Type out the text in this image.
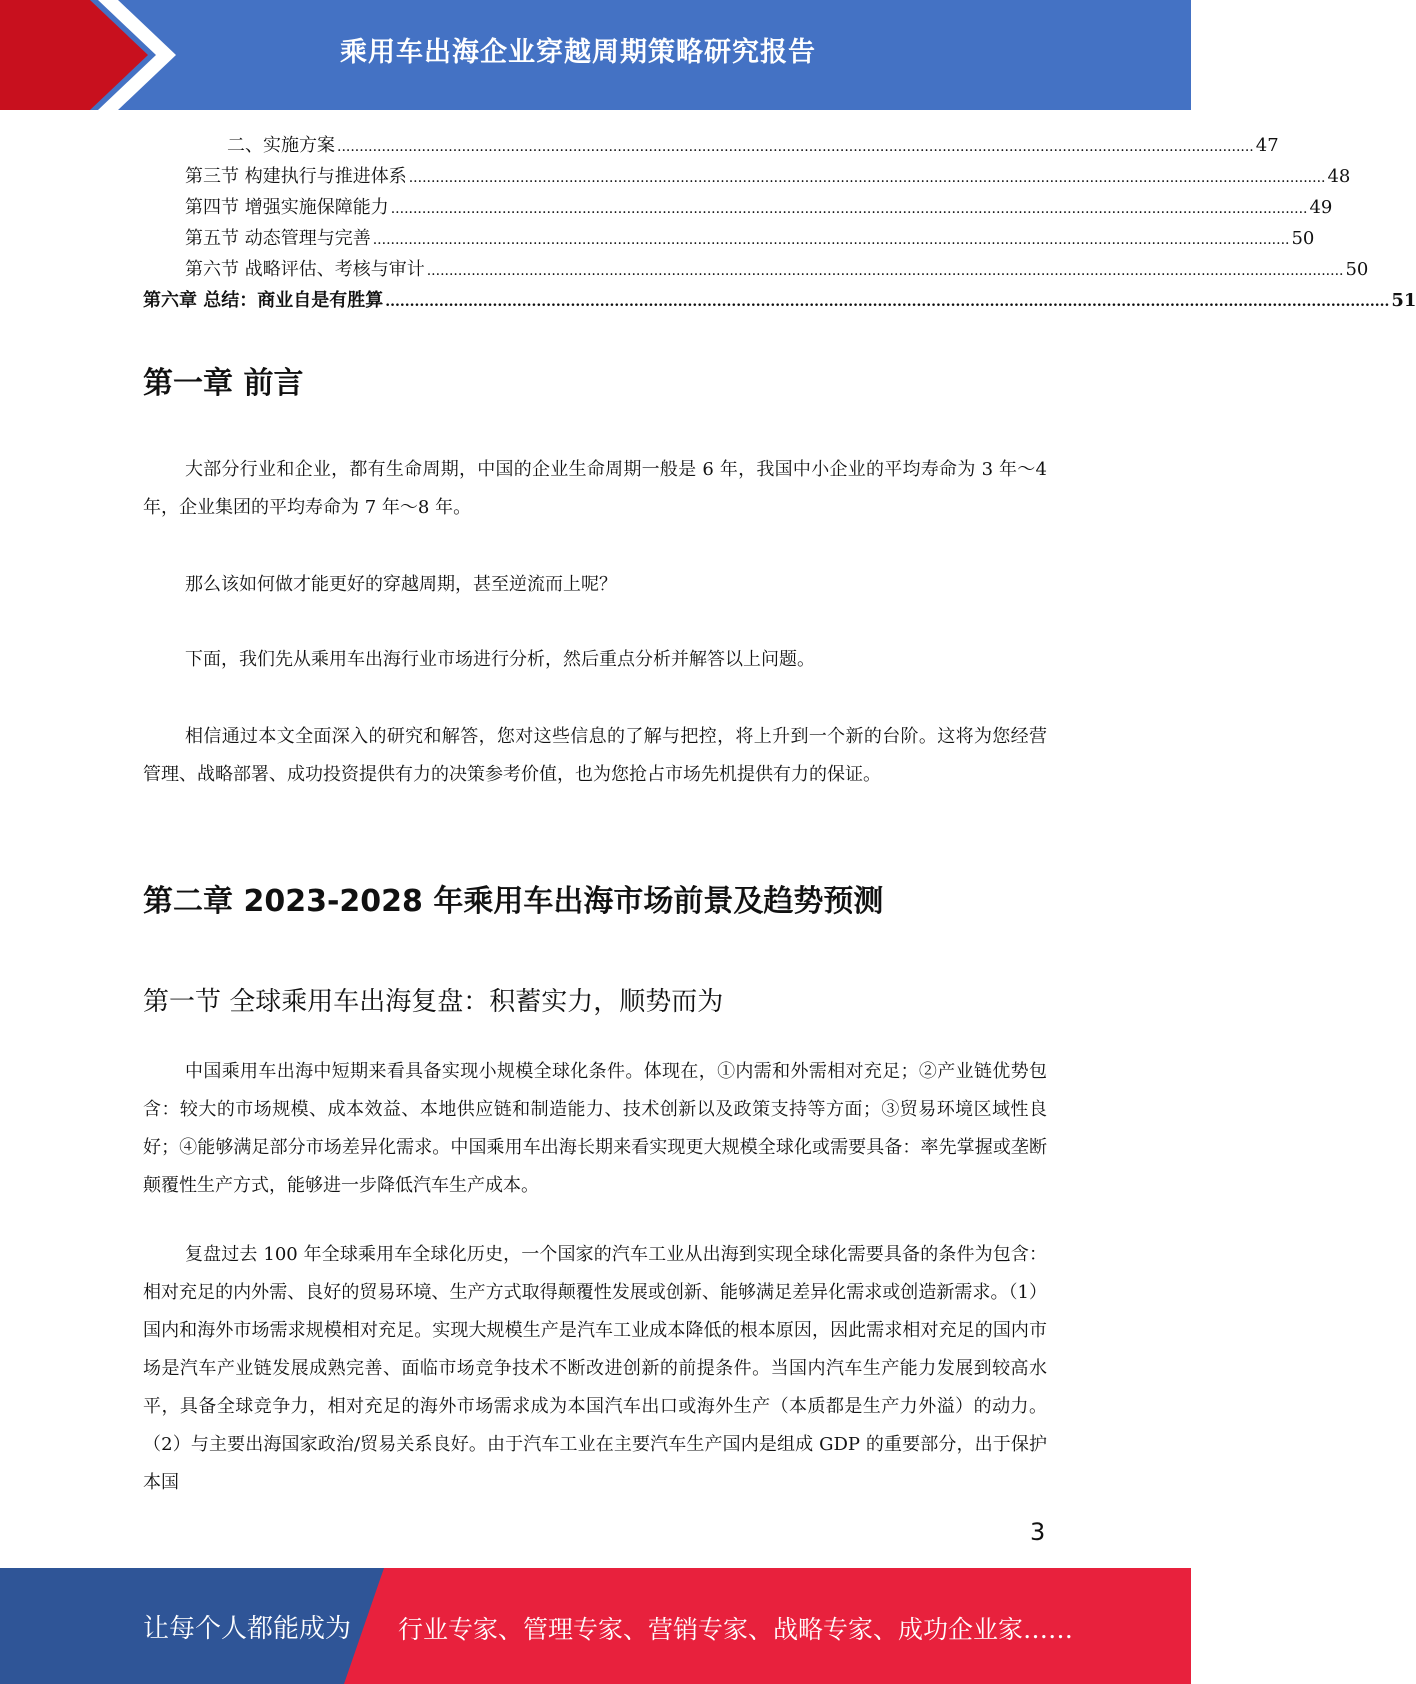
乘用车出海企业穿越周期策略研究报告
二、实施方案 .............................................................................................................................................................................................................. 47
第三节 构建执行与推进体系 .............................................................................................................................................................................................................. 48
第四节 增强实施保障能力 .............................................................................................................................................................................................................. 49
第五节 动态管理与完善 .............................................................................................................................................................................................................. 50
第六节 战略评估、考核与审计 .............................................................................................................................................................................................................. 50
第六章 总结：商业自是有胜算 .............................................................................................................................................................................................................. 51
第一章 前言

大部分行业和企业，都有生命周期，中国的企业生命周期一般是 6 年，我国中小企业的平均寿命为 3 年～4 年，企业集团的平均寿命为 7 年～8 年。

那么该如何做才能更好的穿越周期，甚至逆流而上呢？

下面，我们先从乘用车出海行业市场进行分析，然后重点分析并解答以上问题。

相信通过本文全面深入的研究和解答，您对这些信息的了解与把控，将上升到一个新的台阶。这将为您经营管理、战略部署、成功投资提供有力的决策参考价值，也为您抢占市场先机提供有力的保证。

第二章 2023-2028 年乘用车出海市场前景及趋势预测
第一节 全球乘用车出海复盘：积蓄实力，顺势而为

中国乘用车出海中短期来看具备实现小规模全球化条件。体现在，①内需和外需相对充足；②产业链优势包含：较大的市场规模、成本效益、本地供应链和制造能力、技术创新以及政策支持等方面；③贸易环境区域性良好；④能够满足部分市场差异化需求。中国乘用车出海长期来看实现更大规模全球化或需要具备：率先掌握或垄断颠覆性生产方式，能够进一步降低汽车生产成本。

复盘过去 100 年全球乘用车全球化历史，一个国家的汽车工业从出海到实现全球化需要具备的条件为包含：相对充足的内外需、良好的贸易环境、生产方式取得颠覆性发展或创新、能够满足差异化需求或创造新需求。（1）国内和海外市场需求规模相对充足。实现大规模生产是汽车工业成本降低的根本原因，因此需求相对充足的国内市场是汽车产业链发展成熟完善、面临市场竞争技术不断改进创新的前提条件。当国内汽车生产能力发展到较高水平，具备全球竞争力，相对充足的海外市场需求成为本国汽车出口或海外生产（本质都是生产力外溢）的动力。 （2）与主要出海国家政治/贸易关系良好。由于汽车工业在主要汽车生产国内是组成 GDP 的重要部分，出于保护本国

3
让每个人都能成为 行业专家、管理专家、营销专家、战略专家、成功企业家……
